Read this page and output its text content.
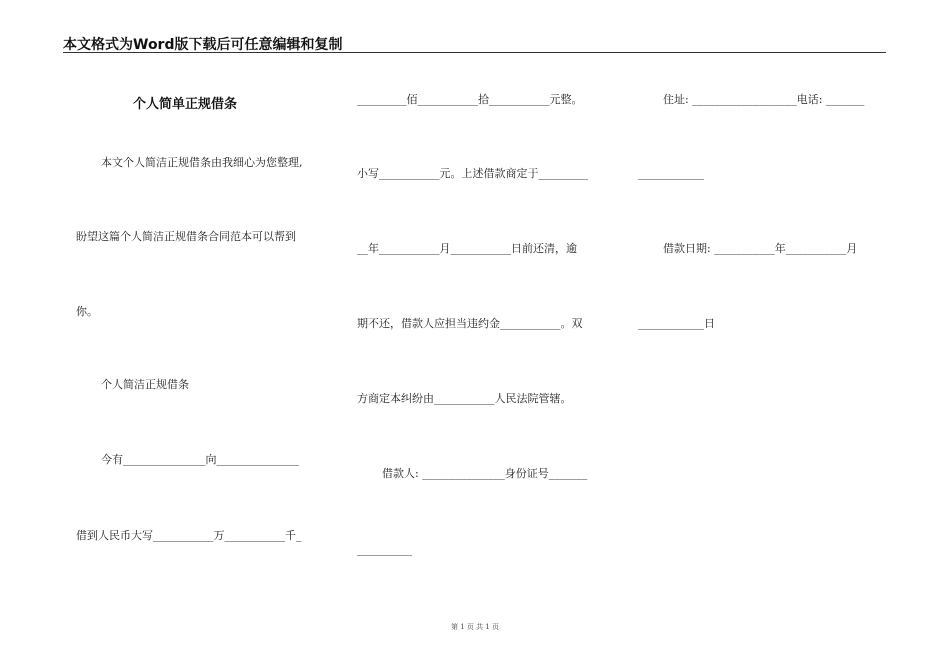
本文格式为Word版下载后可任意编辑和复制
个人简单正规借条
本文个人简洁正规借条由我细心为您整理,
盼望这篇个人简洁正规借条合同范本可以帮到
你。
个人简洁正规借条
今有_______________向_______________
借到人民币大写___________万___________千_
_________佰___________拾___________元整。
小写___________元。上述借款商定于_________
__年___________月___________日前还清，逾
期不还，借款人应担当违约金___________。双
方商定本纠纷由___________人民法院管辖。
借款人: _______________身份证号_______
__________
住址: ___________________电话: _______
____________
借款日期: ___________年___________月
____________日
第 1 页 共 1 页
